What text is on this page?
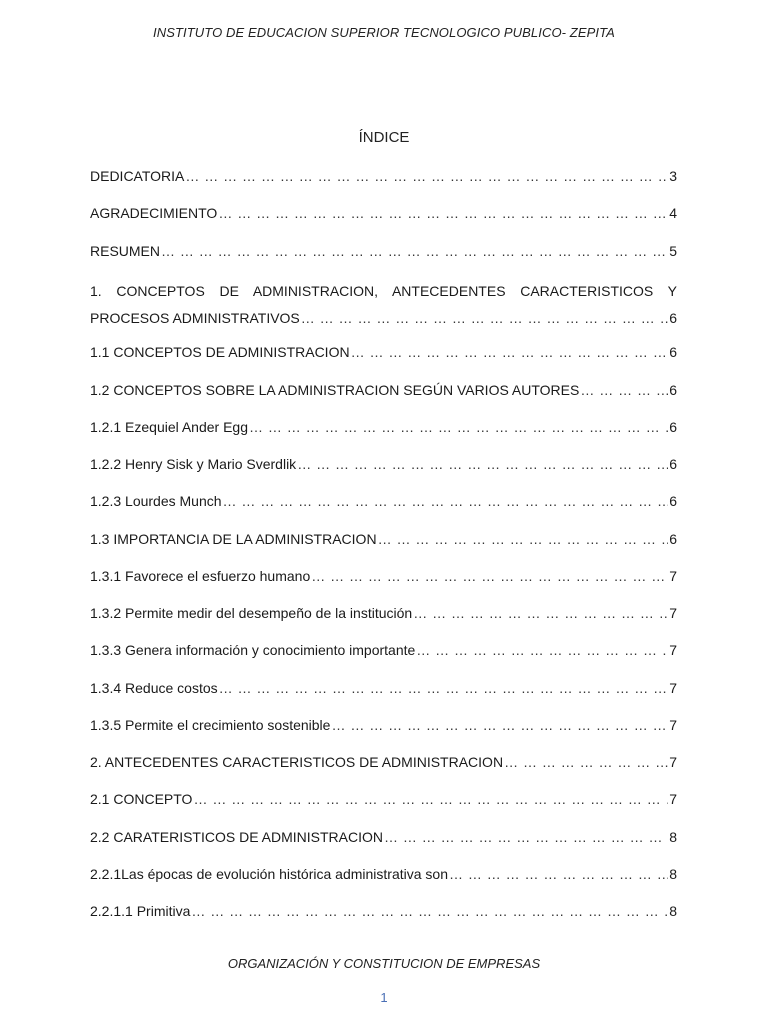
INSTITUTO DE EDUCACION SUPERIOR TECNOLOGICO PUBLICO- ZEPITA
ÍNDICE
DEDICATORIA … … … … … … … … … … … … … … … … … … … … … … … … … … … … … … … … … … … … … … … … … … … … … … … … … … … … … … … … … … … … … … … … … … … … … … … … … … … … … … … … … … … … … …	3
AGRADECIMIENTO … … … … … … … … … … … … … … … … … … … … … … … … … … … … … … … … … … … … … … … … … … … … … … … … … … … … … … … … … … … … … … … … … … … … … … … … … … … … … … … … … … … … … …	4
RESUMEN … … … … … … … … … … … … … … … … … … … … … … … … … … … … … … … … … … … … … … … … … … … … … … … … … … … … … … … … … … … … … … … … … … … … … … … … … … … … … … … … … … … … … …	5
1. CONCEPTOS DE ADMINISTRACION, ANTECEDENTES CARACTERISTICOS Y
PROCESOS ADMINISTRATIVOS … … … … … … … … … … … … … … … … … … … … … … … … … … … … … … … … … … … … … … … … … … … … … … … … … … … … … … … … … … … … … … … … … … … … … … … … … … … … … … … … … … … … … …	6
1.1 CONCEPTOS DE ADMINISTRACION … … … … … … … … … … … … … … … … … … … … … … … … … … … … … … … … … … … … … … … … … … … … … … … … … … … … … … … … … … … … … … … … … … … … … … … … … … … … … … … … … … … … … …	6
1.2 CONCEPTOS SOBRE LA ADMINISTRACION SEGÚN VARIOS AUTORES … … … … … … … … … … … … … … … … … … … … … … … … … … … … … … … … … … … … … … … … … … … … … … … … … … … … … … … … … … … … … … … … … … … … … … … … … … … … … … … … … … … … … …	6
1.2.1 Ezequiel Ander Egg … … … … … … … … … … … … … … … … … … … … … … … … … … … … … … … … … … … … … … … … … … … … … … … … … … … … … … … … … … … … … … … … … … … … … … … … … … … … … … … … … … … … … …	6
1.2.2 Henry Sisk y Mario Sverdlik … … … … … … … … … … … … … … … … … … … … … … … … … … … … … … … … … … … … … … … … … … … … … … … … … … … … … … … … … … … … … … … … … … … … … … … … … … … … … … … … … … … … … …	6
1.2.3 Lourdes Munch … … … … … … … … … … … … … … … … … … … … … … … … … … … … … … … … … … … … … … … … … … … … … … … … … … … … … … … … … … … … … … … … … … … … … … … … … … … … … … … … … … … … … …	6
1.3 IMPORTANCIA DE LA ADMINISTRACION … … … … … … … … … … … … … … … … … … … … … … … … … … … … … … … … … … … … … … … … … … … … … … … … … … … … … … … … … … … … … … … … … … … … … … … … … … … … … … … … … … … … … …	6
1.3.1 Favorece el esfuerzo humano … … … … … … … … … … … … … … … … … … … … … … … … … … … … … … … … … … … … … … … … … … … … … … … … … … … … … … … … … … … … … … … … … … … … … … … … … … … … … … … … … … … … … …	7
1.3.2 Permite medir del desempeño de la institución … … … … … … … … … … … … … … … … … … … … … … … … … … … … … … … … … … … … … … … … … … … … … … … … … … … … … … … … … … … … … … … … … … … … … … … … … … … … … … … … … … … … … …	7
1.3.3 Genera información y conocimiento importante … … … … … … … … … … … … … … … … … … … … … … … … … … … … … … … … … … … … … … … … … … … … … … … … … … … … … … … … … … … … … … … … … … … … … … … … … … … … … … … … … … … … … …	7
1.3.4 Reduce costos … … … … … … … … … … … … … … … … … … … … … … … … … … … … … … … … … … … … … … … … … … … … … … … … … … … … … … … … … … … … … … … … … … … … … … … … … … … … … … … … … … … … … …	7
1.3.5 Permite el crecimiento sostenible … … … … … … … … … … … … … … … … … … … … … … … … … … … … … … … … … … … … … … … … … … … … … … … … … … … … … … … … … … … … … … … … … … … … … … … … … … … … … … … … … … … … … …	7
2. ANTECEDENTES CARACTERISTICOS DE ADMINISTRACION … … … … … … … … … … … … … … … … … … … … … … … … … … … … … … … … … … … … … … … … … … … … … … … … … … … … … … … … … … … … … … … … … … … … … … … … … … … … … … … … … … … … … …	7
2.1 CONCEPTO … … … … … … … … … … … … … … … … … … … … … … … … … … … … … … … … … … … … … … … … … … … … … … … … … … … … … … … … … … … … … … … … … … … … … … … … … … … … … … … … … … … … … …	7
2.2 CARATERISTICOS DE ADMINISTRACION … … … … … … … … … … … … … … … … … … … … … … … … … … … … … … … … … … … … … … … … … … … … … … … … … … … … … … … … … … … … … … … … … … … … … … … … … … … … … … … … … … … … … …	8
2.2.1Las épocas de evolución histórica administrativa son … … … … … … … … … … … … … … … … … … … … … … … … … … … … … … … … … … … … … … … … … … … … … … … … … … … … … … … … … … … … … … … … … … … … … … … … … … … … … … … … … … … … … …	8
2.2.1.1 Primitiva … … … … … … … … … … … … … … … … … … … … … … … … … … … … … … … … … … … … … … … … … … … … … … … … … … … … … … … … … … … … … … … … … … … … … … … … … … … … … … … … … … … … … …	8
ORGANIZACIÓN Y CONSTITUCION DE EMPRESAS
1
